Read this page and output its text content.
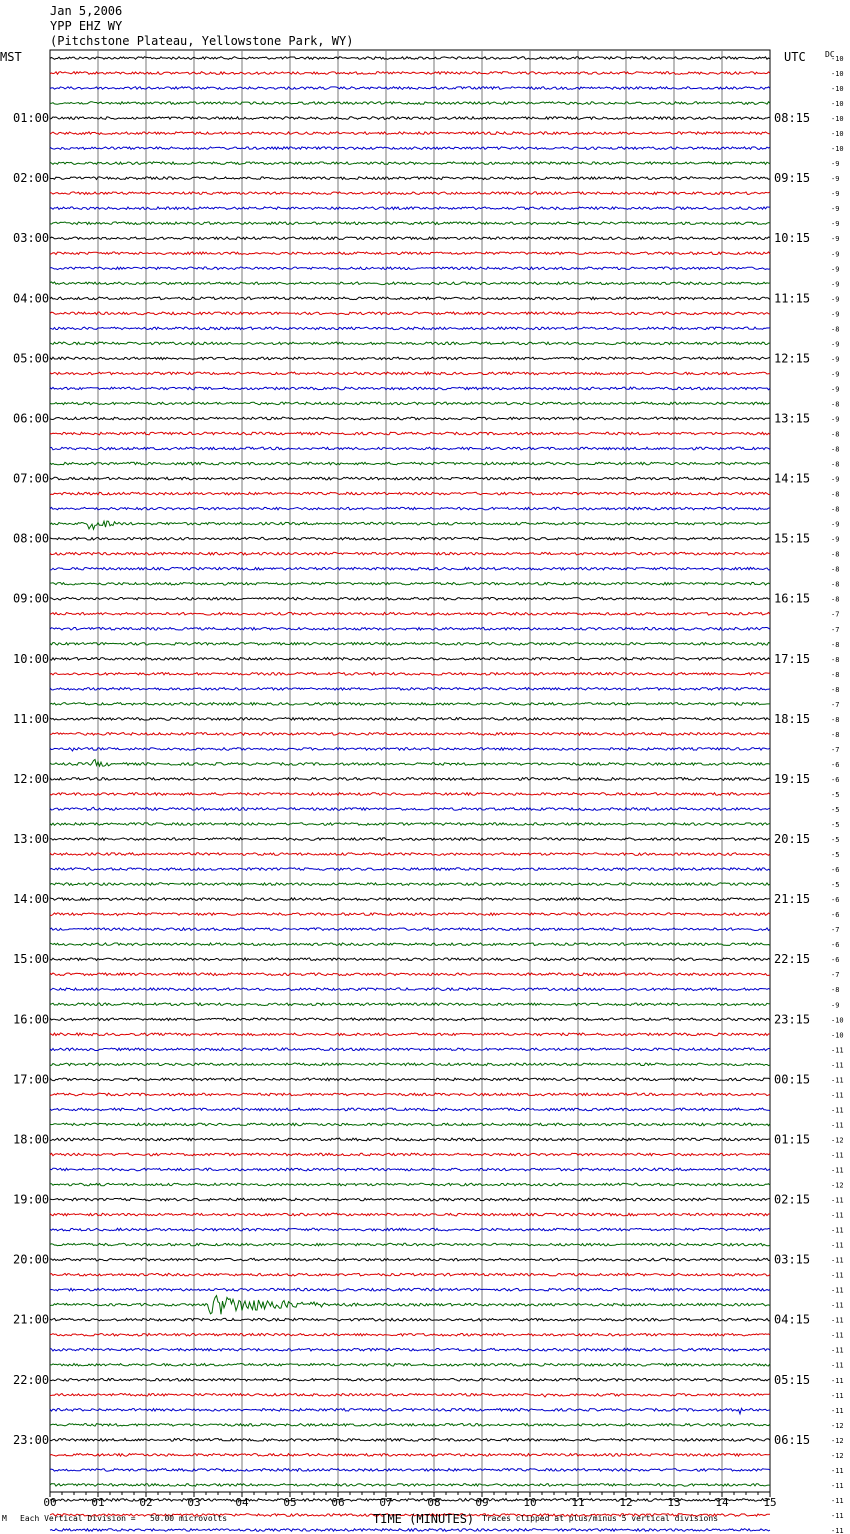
Jan 5,2006
YPP EHZ WY
(Pitchstone Plateau, Yellowstone Park, WY)
MST	UTC DC
00	01	02	03	04	05	06	07	08	09	10	11	12	13	14	15
-10
-10
-10
-10
-10
-10
-10
-9
-9
-9
-9
-9
-9
-9
-9
-9
-9
-9
-8
-9
-9
-9
-9
-8
-9
-8
-8
-8
-9
-8
-8
-9
-9
-8
-8
-8
-8
-7
-7
-8
-8
-8
-8
-7
-8
-8
-7
-6
-6
-5
-5
-5
-5
-5
-6
-5
-6
-6
-7
-6
-6
-7
-8
-9
-10
-10
-11
-11
-11
-11
-11
-11
-12
-11
-11
-12
-11
-11
-11
-11
-11
-11
-11
-11
-11
-11
-11
-11
-11
-11
-11
-12
-12
-12
-11
-11
-11
-11
-11
01:00
02:00
03:00
04:00
05:00
06:00
07:00
08:00
09:00
10:00
11:00
12:00
13:00
14:00
15:00
16:00
17:00
18:00
19:00
20:00
21:00
22:00
23:00
08:15
09:15
10:15
11:15
12:15
13:15
14:15
15:15
16:15
17:15
18:15
19:15
20:15
21:15
22:15
23:15
00:15
01:15
02:15
03:15
04:15
05:15
06:15
M Each Vertical Division =   50.00 microvolts	TIME (MINUTES) Traces clipped at plus/minus 5 vertical divisions
